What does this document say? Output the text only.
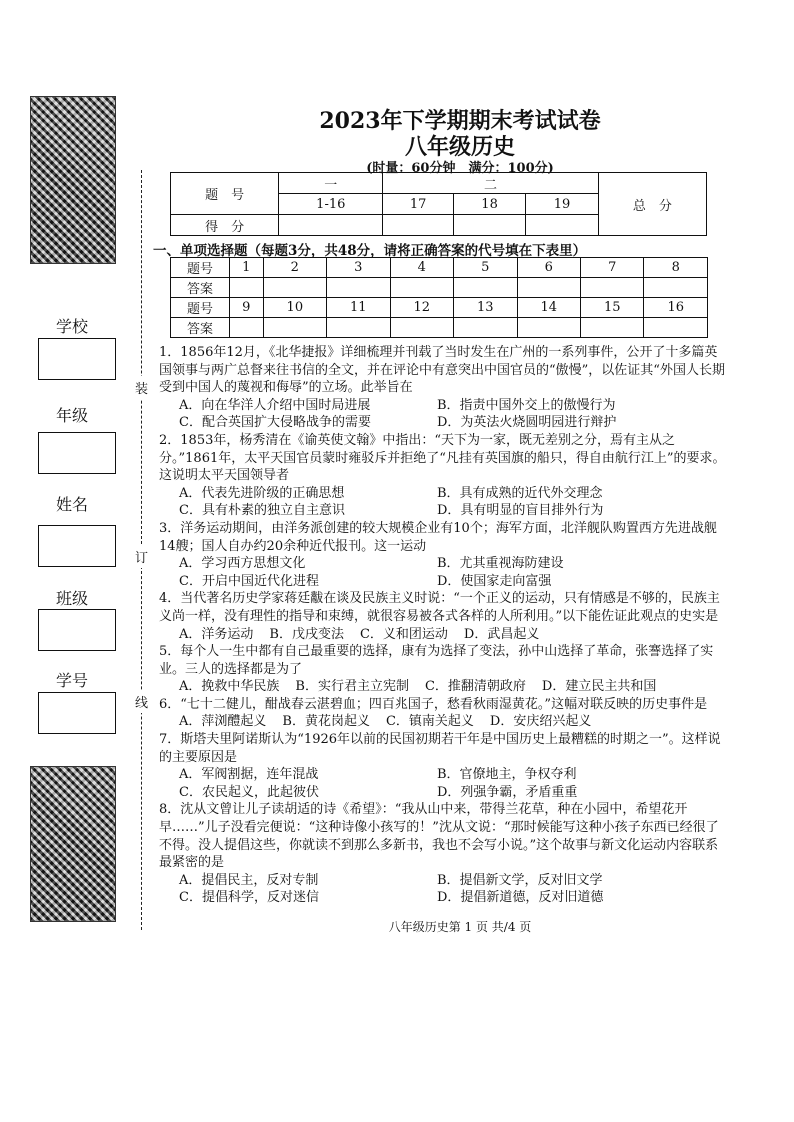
学校
年级
姓名
班级
学号
装
订
线
2023年下学期期末考试试卷
八年级历史
(时量：60分钟　满分：100分)
题　号	一	二			总　分
	1-16	17	18	19	
得　分					
一、单项选择题（每题3分，共48分，请将正确答案的代号填在下表里）
题号	1	2	3	4	5	6	7	8
答案								
题号	9	10	11	12	13	14	15	16
答案								

1．1856年12月，《北华捷报》详细梳理并刊载了当时发生在广州的一系列事件，公开了十多篇英国领事与两广总督来往书信的全文，并在评论中有意突出中国官员的“傲慢”，以佐证其“外国人长期受到中国人的蔑视和侮辱”的立场。此举旨在

A．向在华洋人介绍中国时局进展	B．指责中国外交上的傲慢行为
C．配合英国扩大侵略战争的需要	D．为英法火烧圆明园进行辩护

2．1853年，杨秀清在《谕英使文翰》中指出：“天下为一家，既无差别之分，焉有主从之分。”1861年，太平天国官员蒙时雍驳斥并拒绝了“凡挂有英国旗的船只，得自由航行江上”的要求。这说明太平天国领导者

A．代表先进阶级的正确思想	B．具有成熟的近代外交理念
C．具有朴素的独立自主意识	D．具有明显的盲目排外行为

3．洋务运动期间，由洋务派创建的较大规模企业有10个；海军方面，北洋舰队购置西方先进战舰14艘；国人自办约20余种近代报刊。这一运动

A．学习西方思想文化	B．尤其重视海防建设
C．开启中国近代化进程	D．使国家走向富强

4．当代著名历史学家蒋廷黻在谈及民族主义时说：“一个正义的运动，只有情感是不够的，民族主义尚一样，没有理性的指导和束缚，就很容易被各式各样的人所利用。”以下能佐证此观点的史实是

A．洋务运动 B．戊戌变法 C．义和团运动 D．武昌起义

5．每个人一生中都有自己最重要的选择，康有为选择了变法，孙中山选择了革命，张謇选择了实业。三人的选择都是为了

A．挽救中华民族 B．实行君主立宪制 C．推翻清朝政府 D．建立民主共和国

6．“七十二健儿，酣战春云湛碧血；四百兆国子，愁看秋雨湿黄花。”这幅对联反映的历史事件是

A．萍浏醴起义 B．黄花岗起义 C．镇南关起义 D．安庆绍兴起义

7．斯塔夫里阿诺斯认为“1926年以前的民国初期若干年是中国历史上最糟糕的时期之一”。这样说的主要原因是

A．军阀割据，连年混战	B．官僚地主，争权夺利
C．农民起义，此起彼伏	D．列强争霸，矛盾重重

8．沈从文曾让儿子读胡适的诗《希望》：“我从山中来，带得兰花草，种在小园中，希望花开早……”儿子没看完便说：“这种诗像小孩写的！”沈从文说：“那时候能写这种小孩子东西已经很了不得。没人提倡这些，你就读不到那么多新书，我也不会写小说。”这个故事与新文化运动内容联系最紧密的是

A．提倡民主，反对专制	B．提倡新文学，反对旧文学
C．提倡科学，反对迷信	D．提倡新道德，反对旧道德
八年级历史第 1 页 共/4 页
